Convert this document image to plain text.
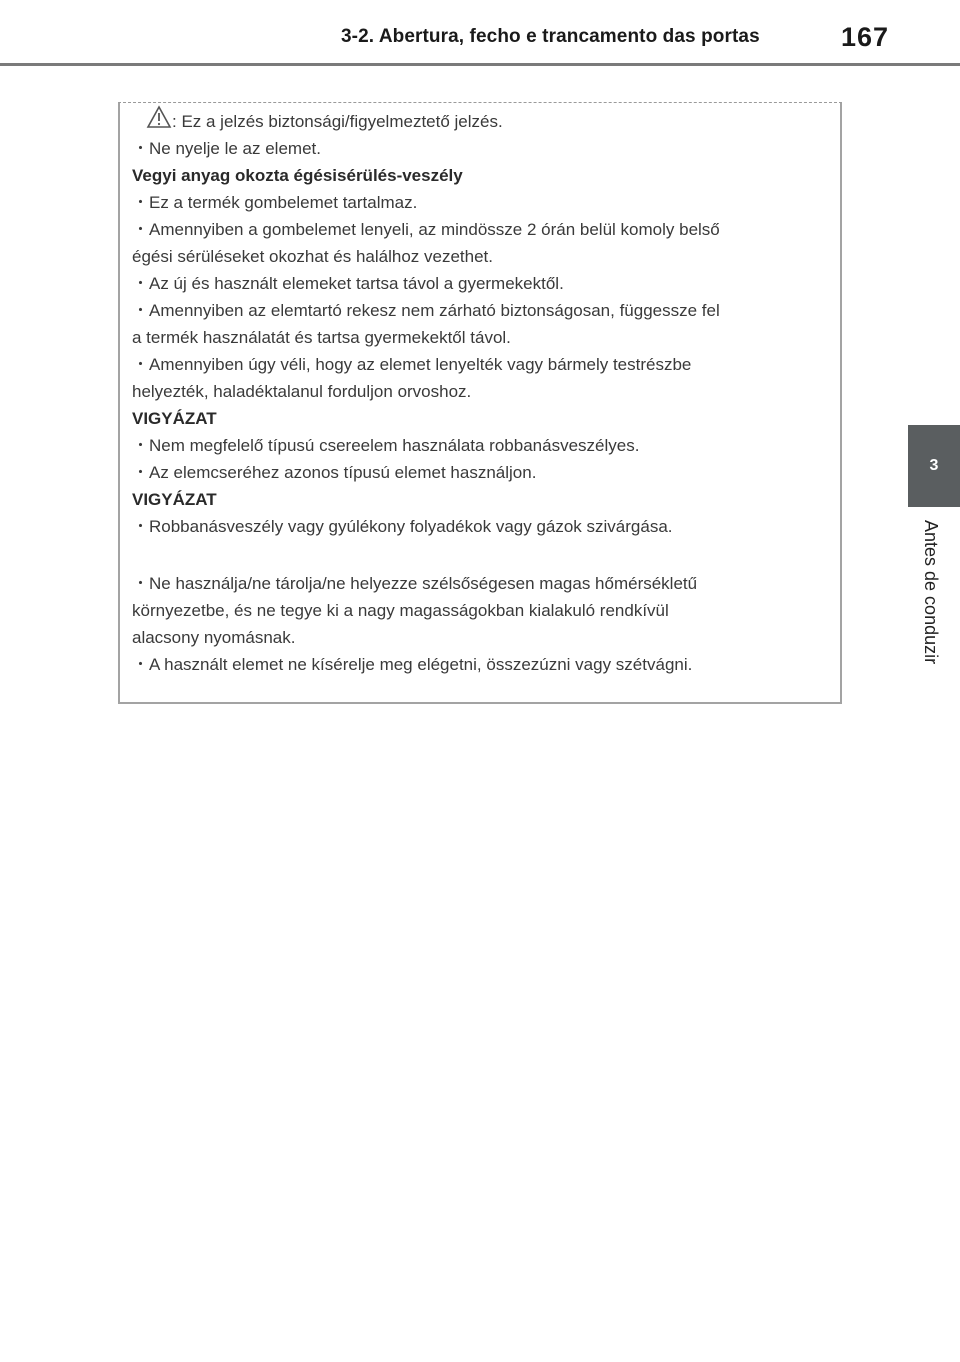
3-2. Abertura, fecho e trancamento das portas	167
3
Antes de conduzir
: Ez a jelzés biztonsági/figyelmeztető jelzés.
・Ne nyelje le az elemet.
Vegyi anyag okozta égésisérülés-veszély
・Ez a termék gombelemet tartalmaz.
・Amennyiben a gombelemet lenyeli, az mindössze 2 órán belül komoly belső
égési sérüléseket okozhat és halálhoz vezethet.
・Az új és használt elemeket tartsa távol a gyermekektől.
・Amennyiben az elemtartó rekesz nem zárható biztonságosan, függessze fel
a termék használatát és tartsa gyermekektől távol.
・Amennyiben úgy véli, hogy az elemet lenyelték vagy bármely testrészbe
helyezték, haladéktalanul forduljon orvoshoz.
VIGYÁZAT
・Nem megfelelő típusú csereelem használata robbanásveszélyes.
・Az elemcseréhez azonos típusú elemet használjon.
VIGYÁZAT
・Robbanásveszély vagy gyúlékony folyadékok vagy gázok szivárgása.
・Ne használja/ne tárolja/ne helyezze szélsőségesen magas hőmérsékletű
környezetbe, és ne tegye ki a nagy magasságokban kialakuló rendkívül
alacsony nyomásnak.
・A használt elemet ne kísérelje meg elégetni, összezúzni vagy szétvágni.
